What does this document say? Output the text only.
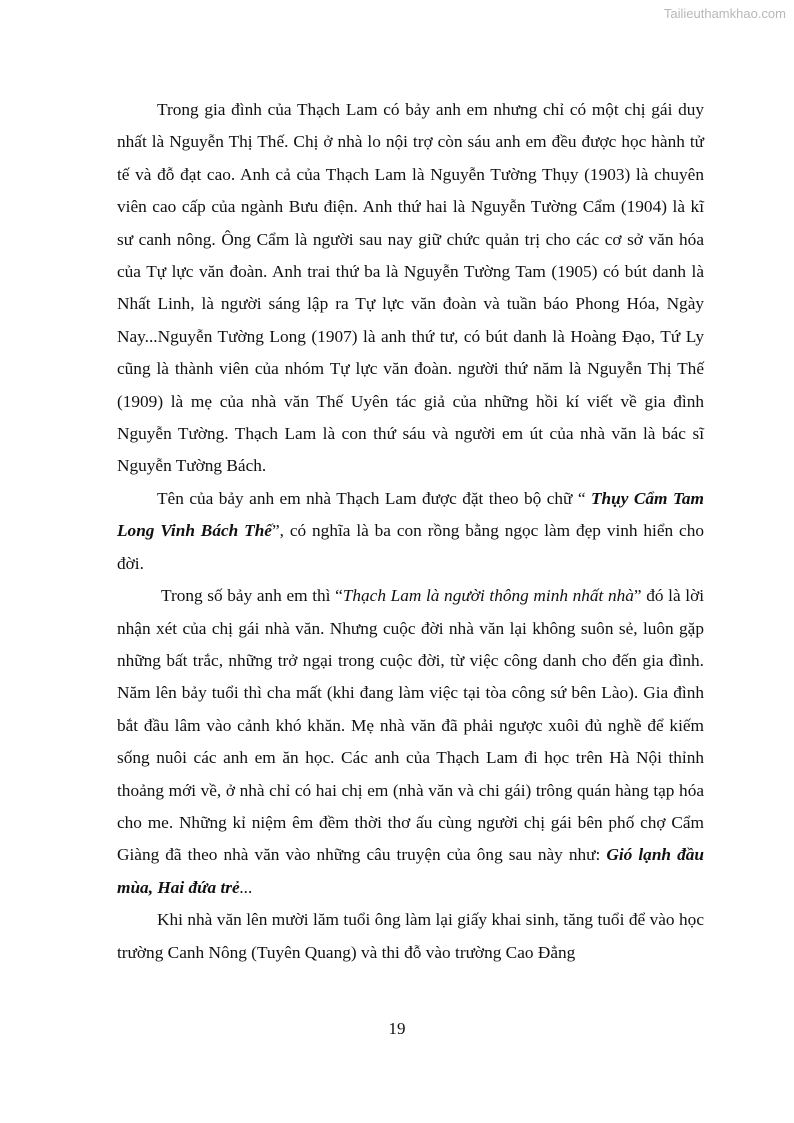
Tailieuthamkhao.com

Trong gia đình của Thạch Lam có bảy anh em nhưng chỉ có một chị gái duy nhất là Nguyễn Thị Thế. Chị ở nhà lo nội trợ còn sáu anh em đều được học hành tử tế và đỗ đạt cao. Anh cả của Thạch Lam là Nguyễn Tường Thụy (1903) là chuyên viên cao cấp của ngành Bưu điện. Anh thứ hai là Nguyễn Tường Cẩm (1904) là kĩ sư canh nông. Ông Cẩm là người sau nay giữ chức quản trị cho các cơ sở văn hóa của Tự lực văn đoàn. Anh trai thứ ba là Nguyễn Tường Tam (1905) có bút danh là Nhất Linh, là người sáng lập ra Tự lực văn đoàn và tuần báo Phong Hóa, Ngày Nay...Nguyễn Tường Long (1907) là anh thứ tư, có bút danh là Hoàng Đạo, Tứ Ly cũng là thành viên của nhóm Tự lực văn đoàn. người thứ năm là Nguyễn Thị Thế (1909) là mẹ của nhà văn Thế Uyên tác giả của những hồi kí viết về gia đình Nguyễn Tường. Thạch Lam là con thứ sáu và người em út của nhà văn là bác sĩ Nguyễn Tường Bách.

Tên của bảy anh em nhà Thạch Lam được đặt theo bộ chữ “ Thụy Cẩm Tam Long Vinh Bách Thế”, có nghĩa là ba con rồng bằng ngọc làm đẹp vinh hiển cho đời.

Trong số bảy anh em thì “Thạch Lam là người thông minh nhất nhà” đó là lời nhận xét của chị gái nhà văn. Nhưng cuộc đời nhà văn lại không suôn sẻ, luôn gặp những bất trắc, những trở ngại trong cuộc đời, từ việc công danh cho đến gia đình. Năm lên bảy tuổi thì cha mất (khi đang làm việc tại tòa công sứ bên Lào). Gia đình bắt đầu lâm vào cảnh khó khăn. Mẹ nhà văn đã phải ngược xuôi đủ nghề để kiếm sống nuôi các anh em ăn học. Các anh của Thạch Lam đi học trên Hà Nội thỉnh thoảng mới về, ở nhà chỉ có hai chị em (nhà văn và chi gái) trông quán hàng tạp hóa cho me. Những kỉ niệm êm đềm thời thơ ấu cùng người chị gái bên phố chợ Cẩm Giàng đã theo nhà văn vào những câu truyện của ông sau này như: Gió lạnh đầu mùa, Hai đứa trẻ...

Khi nhà văn lên mười lăm tuổi ông làm lại giấy khai sinh, tăng tuổi để vào học trường Canh Nông (Tuyên Quang) và thi đỗ vào trường Cao Đẳng

19
